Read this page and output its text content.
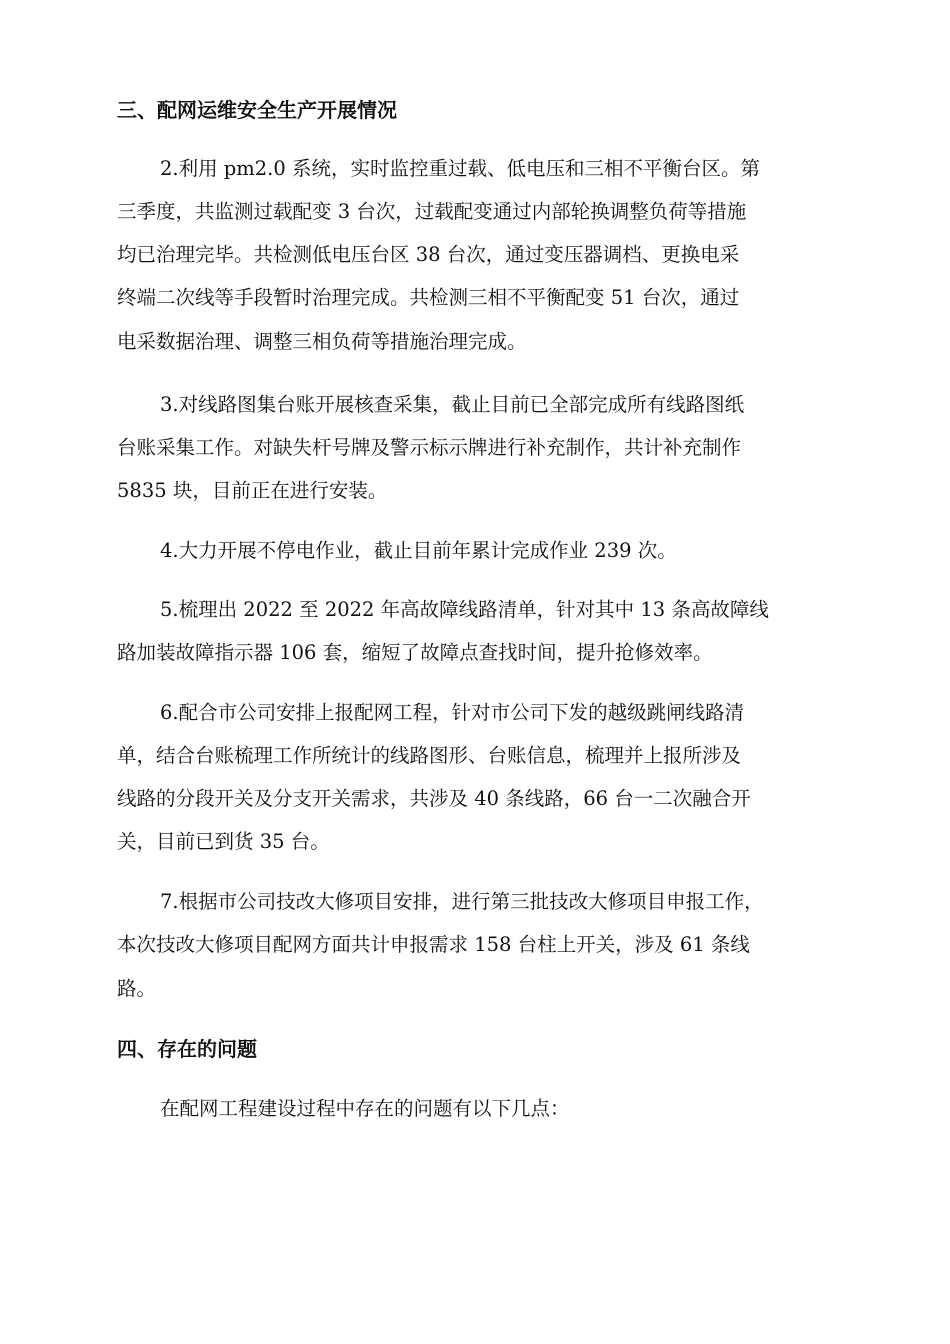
三、配网运维安全生产开展情况
2.利用 pm2.0 系统，实时监控重过载、低电压和三相不平衡台区。第
三季度，共监测过载配变 3 台次，过载配变通过内部轮换调整负荷等措施
均已治理完毕。共检测低电压台区 38 台次，通过变压器调档、更换电采
终端二次线等手段暂时治理完成。共检测三相不平衡配变 51 台次，通过
电采数据治理、调整三相负荷等措施治理完成。
3.对线路图集台账开展核查采集，截止目前已全部完成所有线路图纸
台账采集工作。对缺失杆号牌及警示标示牌进行补充制作，共计补充制作
5835 块，目前正在进行安装。
4.大力开展不停电作业，截止目前年累计完成作业 239 次。
5.梳理出 2022 至 2022 年高故障线路清单，针对其中 13 条高故障线
路加装故障指示器 106 套，缩短了故障点查找时间，提升抢修效率。
6.配合市公司安排上报配网工程，针对市公司下发的越级跳闸线路清
单，结合台账梳理工作所统计的线路图形、台账信息，梳理并上报所涉及
线路的分段开关及分支开关需求，共涉及 40 条线路，66 台一二次融合开
关，目前已到货 35 台。
7.根据市公司技改大修项目安排，进行第三批技改大修项目申报工作，
本次技改大修项目配网方面共计申报需求 158 台柱上开关，涉及 61 条线
路。
四、存在的问题
在配网工程建设过程中存在的问题有以下几点：
